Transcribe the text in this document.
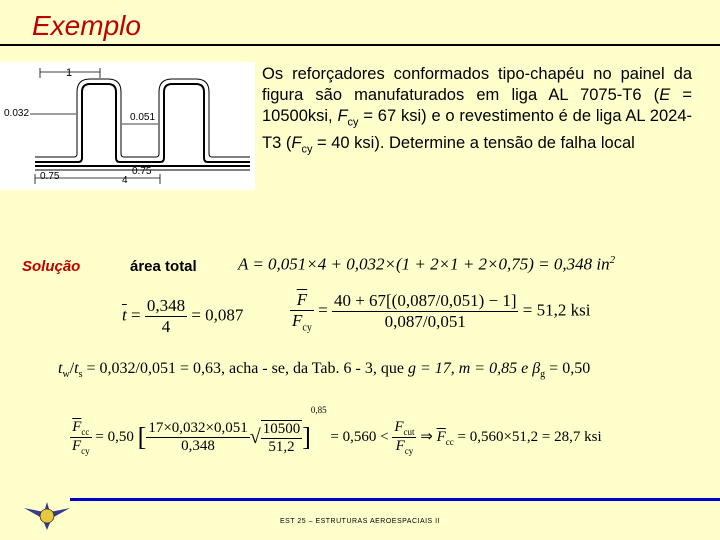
Exemplo
1
0.032	0.051
0.75	4
0.75
Os reforçadores conformados tipo-chapéu no painel da figura são manufaturados em liga AL 7075-T6 (E = 10500ksi, $F_{cy} = 67$ ksi) e o revestimento é de liga AL 2024-T3 ($F_{cy} = 40$ ksi). Determine a tensão de falha local
Solução	área total A = 0,051×4 + 0,032×(1 + 2×1 + 2×0,75) = 0,348 $in^2$
$\overline{t} = \frac{0,348}{4} = 0,087$	$\frac{\overline{F}}{F_{cy}} = \frac{40 + 67[(0,087/0,051) - 1]}{0,087/0,051} = 51,2$ ksi
$t_w/t_s = 0,032/0,051 = 0,63$, acha - se, da Tab. 6 - 3, que g = 17, m = 0,85 e $\beta_g = 0,50$
$\frac{\overline{F}_{cc}}{\overline{F}_{cy}} = 0,50$ [ $\frac{17\times 0,032\times 0,051}{0,348}$ √ $\frac{10500}{51,2} ]^{0,85} = 0,560 < \frac{F_{cut}}{F_{cy}}$ ⇒ $\overline{F}_{cc} = 0,560\times 51,2 = 28,7$ ksi
EST 25 – ESTRUTURAS AEROESPACIAIS II
